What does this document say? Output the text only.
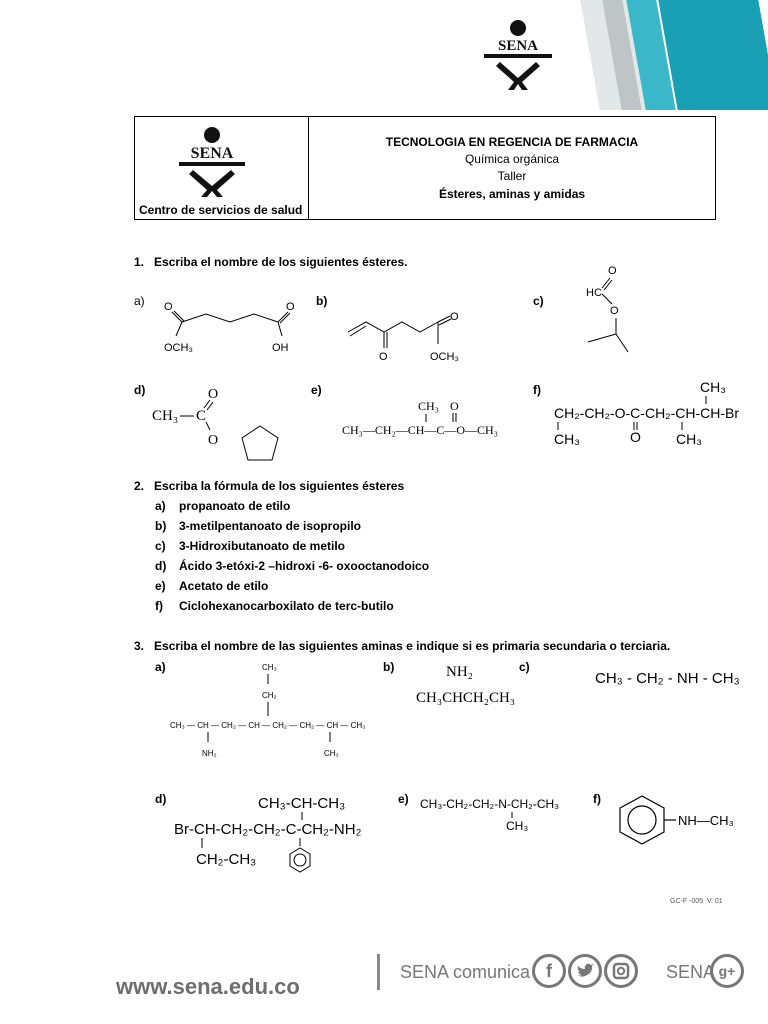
SENA
SENA
Centro de servicios de salud
TECNOLOGIA EN REGENCIA DE FARMACIA
Química orgánica
Taller
Ésteres, aminas y amidas
1.   Escriba el nombre de los siguientes ésteres.
a)	b)	c)
d)	e)	f)
O
OCH₃
O
OH
O
O
OCH₃
O
HC
O
O
CH₃ C
O
CH₃ O
CH₃—CH₂—CH—C—O—CH₃
CH₃
CH₂-CH₂-O-C-CH₂-CH-CH-Br
CH₃	O	CH₃
2.   Escriba la fórmula de los siguientes ésteres
a) propanoato de etilo
b) 3-metilpentanoato de isopropilo
c) 3-Hidroxibutanoato de metilo
d) Ácido 3-etóxi-2 –hidroxi -6- oxooctanodoico
e) Acetato de etilo
f) Ciclohexanocarboxilato de terc-butilo
3.   Escriba el nombre de las siguientes aminas e indique si es primaria secundaria o terciaria.
a)	b)	c)
d)	e)	f)
CH₃
CH₂
CH₃ — CH — CH₂ — CH — CH₂ — CH₂ — CH — CH₃
NH₂	CH₃
NH₂
CH₃CHCH₂CH₃
CH₃ - CH₂ - NH - CH₃
CH₃-CH-CH₃
Br-CH-CH₂-CH₂-C-CH₂-NH₂
CH₂-CH₃
CH₃-CH₂-CH₂-N-CH₂-CH₃
CH₃	NH—CH₃
GC-F -005  V. 01
www.sena.edu.co
SENA comunica f	SENA g+
